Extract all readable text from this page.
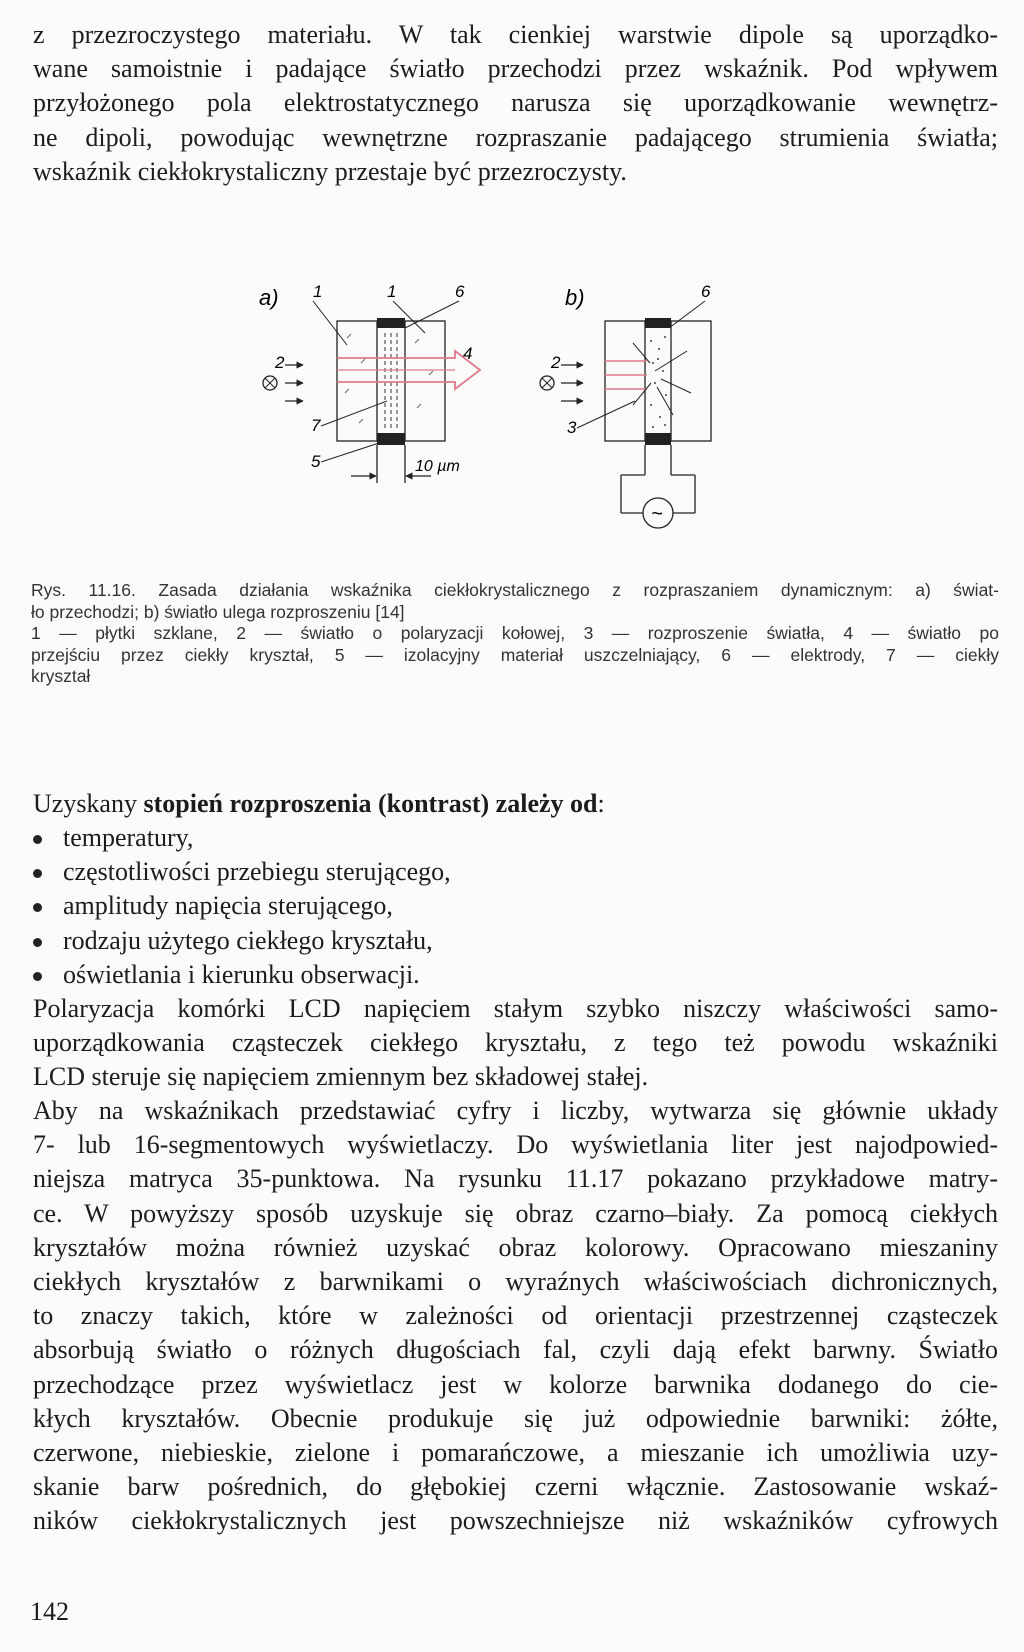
z przezroczystego materiału. W tak cienkiej warstwie dipole są uporządko-
wane samoistnie i padające światło przechodzi przez wskaźnik. Pod wpływem
przyłożonego pola elektrostatycznego narusza się uporządkowanie wewnętrz-
ne dipoli, powodując wewnętrzne rozpraszanie padającego strumienia światła;
wskaźnik ciekłokrystaliczny przestaje być przezroczysty.
a)
10 µm
2
1	1	6
4
7
5
b)
2
3
6
~
Rys. 11.16. Zasada działania wskaźnika ciekłokrystalicznego z rozpraszaniem dynamicznym: a) świat-
ło przechodzi; b) światło ulega rozproszeniu [14]
1 — płytki szklane, 2 — światło o polaryzacji kołowej, 3 — rozproszenie światła, 4 — światło po
przejściu przez ciekły kryształ, 5 — izolacyjny materiał uszczelniający, 6 — elektrody, 7 — ciekły
kryształ
Uzyskany stopień rozproszenia (kontrast) zależy od:
temperatury,
częstotliwości przebiegu sterującego,
amplitudy napięcia sterującego,
rodzaju użytego ciekłego kryształu,
oświetlania i kierunku obserwacji.
Polaryzacja komórki LCD napięciem stałym szybko niszczy właściwości samo-
uporządkowania cząsteczek ciekłego kryształu, z tego też powodu wskaźniki
LCD steruje się napięciem zmiennym bez składowej stałej.
Aby na wskaźnikach przedstawiać cyfry i liczby, wytwarza się głównie układy
7- lub 16-segmentowych wyświetlaczy. Do wyświetlania liter jest najodpowied-
niejsza matryca 35-punktowa. Na rysunku 11.17 pokazano przykładowe matry-
ce. W powyższy sposób uzyskuje się obraz czarno–biały. Za pomocą ciekłych
kryształów można również uzyskać obraz kolorowy. Opracowano mieszaniny
ciekłych kryształów z barwnikami o wyraźnych właściwościach dichronicznych,
to znaczy takich, które w zależności od orientacji przestrzennej cząsteczek
absorbują światło o różnych długościach fal, czyli dają efekt barwny. Światło
przechodzące przez wyświetlacz jest w kolorze barwnika dodanego do cie-
kłych kryształów. Obecnie produkuje się już odpowiednie barwniki: żółte,
czerwone, niebieskie, zielone i pomarańczowe, a mieszanie ich umożliwia uzy-
skanie barw pośrednich, do głębokiej czerni włącznie. Zastosowanie wskaź-
ników ciekłokrystalicznych jest powszechniejsze niż wskaźników cyfrowych
142
